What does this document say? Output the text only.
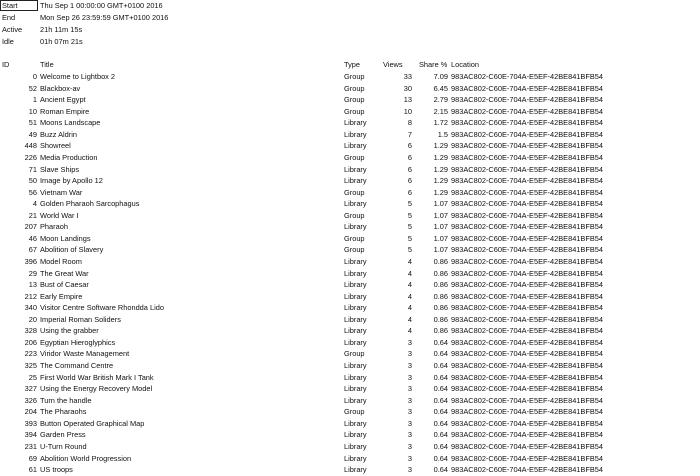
Start	Thu Sep 1 00:00:00 GMT+0100 2016
End	Mon Sep 26 23:59:59 GMT+0100 2016
Active	21h 11m 15s
Idle	01h 07m 21s
ID	Title	Type	Views	Share % Location
0 Welcome to Lightbox 2	Group	33	7.09 983AC802-C60E-704A-E5EF-42BE841BFB54
52 Blackbox-av	Group	30	6.45 983AC802-C60E-704A-E5EF-42BE841BFB54
1 Ancient Egypt	Group	13	2.79 983AC802-C60E-704A-E5EF-42BE841BFB54
10 Roman Empire	Group	10	2.15 983AC802-C60E-704A-E5EF-42BE841BFB54
51 Moons Landscape	Library	8	1.72 983AC802-C60E-704A-E5EF-42BE841BFB54
49 Buzz Aldrin	Library	7	1.5 983AC802-C60E-704A-E5EF-42BE841BFB54
448 Showreel	Library	6	1.29 983AC802-C60E-704A-E5EF-42BE841BFB54
226 Media Production	Group	6	1.29 983AC802-C60E-704A-E5EF-42BE841BFB54
71 Slave Ships	Library	6	1.29 983AC802-C60E-704A-E5EF-42BE841BFB54
50 Image by Apollo 12	Library	6	1.29 983AC802-C60E-704A-E5EF-42BE841BFB54
56 Vietnam War	Group	6	1.29 983AC802-C60E-704A-E5EF-42BE841BFB54
4 Golden Pharaoh Sarcophagus	Library	5	1.07 983AC802-C60E-704A-E5EF-42BE841BFB54
21 World War I	Group	5	1.07 983AC802-C60E-704A-E5EF-42BE841BFB54
207 Pharaoh	Library	5	1.07 983AC802-C60E-704A-E5EF-42BE841BFB54
46 Moon Landings	Group	5	1.07 983AC802-C60E-704A-E5EF-42BE841BFB54
67 Abolition of Slavery	Group	5	1.07 983AC802-C60E-704A-E5EF-42BE841BFB54
396 Model Room	Library	4	0.86 983AC802-C60E-704A-E5EF-42BE841BFB54
29 The Great War	Library	4	0.86 983AC802-C60E-704A-E5EF-42BE841BFB54
13 Bust of Caesar	Library	4	0.86 983AC802-C60E-704A-E5EF-42BE841BFB54
212 Early Empire	Library	4	0.86 983AC802-C60E-704A-E5EF-42BE841BFB54
340 Visitor Centre Software Rhondda Lido	Library	4	0.86 983AC802-C60E-704A-E5EF-42BE841BFB54
20 Imperial Roman Soliders	Library	4	0.86 983AC802-C60E-704A-E5EF-42BE841BFB54
328 Using the grabber	Library	4	0.86 983AC802-C60E-704A-E5EF-42BE841BFB54
206 Egyptian Hieroglyphics	Library	3	0.64 983AC802-C60E-704A-E5EF-42BE841BFB54
223 Viridor Waste Management	Group	3	0.64 983AC802-C60E-704A-E5EF-42BE841BFB54
325 The Command Centre	Library	3	0.64 983AC802-C60E-704A-E5EF-42BE841BFB54
25 First World War British Mark I Tank	Library	3	0.64 983AC802-C60E-704A-E5EF-42BE841BFB54
327 Using the Energy Recovery Model	Library	3	0.64 983AC802-C60E-704A-E5EF-42BE841BFB54
326 Turn the handle	Library	3	0.64 983AC802-C60E-704A-E5EF-42BE841BFB54
204 The Pharaohs	Group	3	0.64 983AC802-C60E-704A-E5EF-42BE841BFB54
393 Button Operated Graphical Map	Library	3	0.64 983AC802-C60E-704A-E5EF-42BE841BFB54
394 Garden Press	Library	3	0.64 983AC802-C60E-704A-E5EF-42BE841BFB54
231 U-Turn Round	Library	3	0.64 983AC802-C60E-704A-E5EF-42BE841BFB54
69 Abolition World Progression	Library	3	0.64 983AC802-C60E-704A-E5EF-42BE841BFB54
61 US troops	Library	3	0.64 983AC802-C60E-704A-E5EF-42BE841BFB54
